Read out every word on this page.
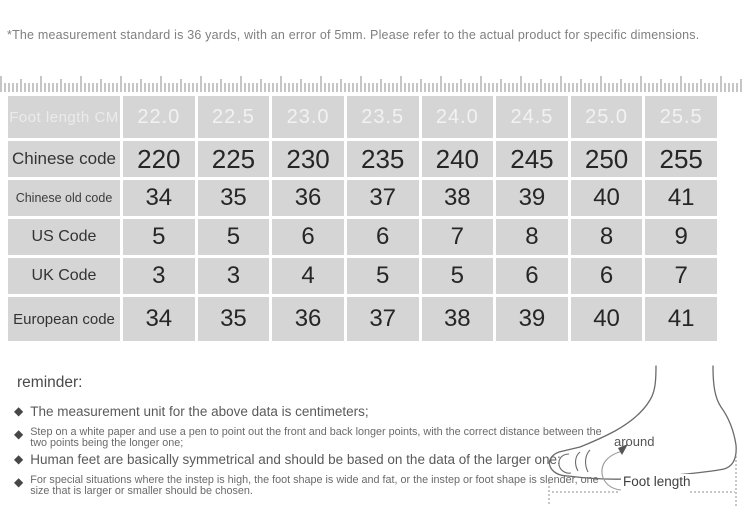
*The measurement standard is 36 yards, with an error of 5mm. Please refer to the actual product for specific dimensions.
Foot length CM	22.0	22.5	23.0	23.5	24.0	24.5	25.0	25.5
Chinese code	220	225	230	235	240	245	250	255
Chinese old code	34	35	36	37	38	39	40	41
US Code	5	5	6	6	7	8	8	9
UK Code	3	3	4	5	5	6	6	7
European code	34	35	36	37	38	39	40	41
reminder:
◆ The measurement unit for the above data is centimeters;
◆ Step on a white paper and use a pen to point out the front and back longer points, with the correct distance between the two points being the longer one;
◆ Human feet are basically symmetrical and should be based on the data of the larger one;
◆ For special situations where the instep is high, the foot shape is wide and fat, or the instep or foot shape is slender, one size that is larger or smaller should be chosen.
around
Foot length
